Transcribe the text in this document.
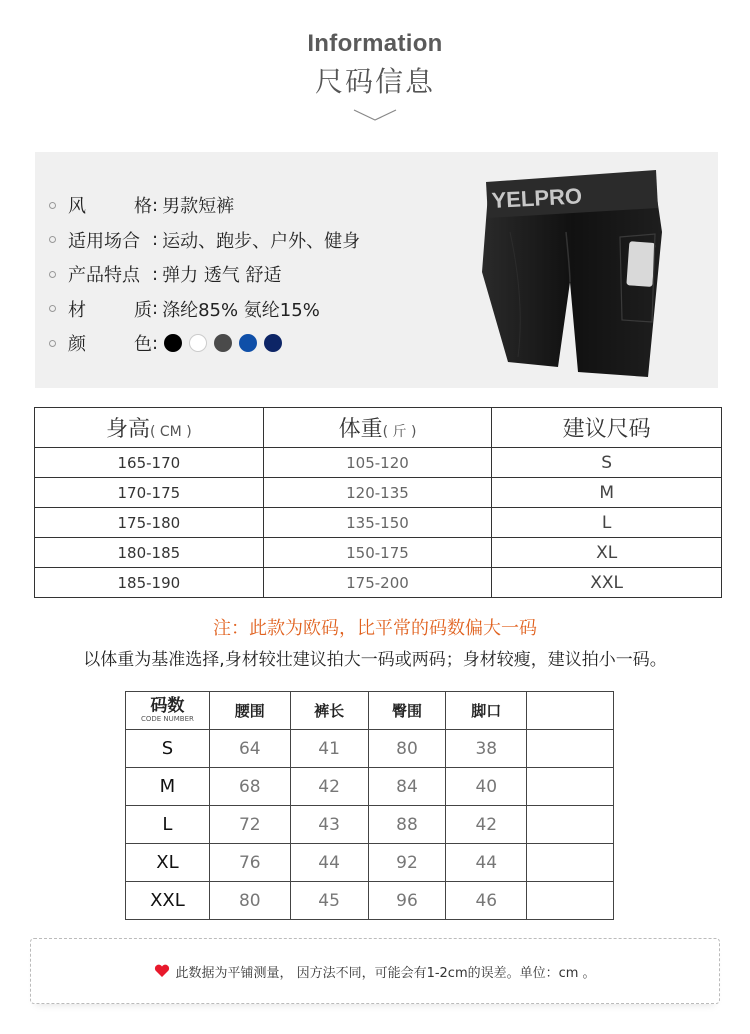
Information
尺码信息
风	格 : 男款短裤
适用场合 : 运动、跑步、户外、健身
产品特点 : 弹力 透气 舒适
材	质 : 涤纶85% 氨纶15%
颜	色 :
YELPRO
身高( CM )	体重( 斤 )	建议尺码
165-170	105-120	S
170-175	120-135	M
175-180	135-150	L
180-185	150-175	XL
185-190	175-200	XXL
注：此款为欧码，比平常的码数偏大一码
以体重为基准选择,身材较壮建议拍大一码或两码；身材较瘦，建议拍小一码。
码数
CODE NUMBER	腰围	裤长	臀围	脚口	
S	64	41	80	38	
M	68	42	84	40	
L	72	43	88	42	
XL	76	44	92	44	
XXL	80	45	96	46	
此数据为平铺测量， 因方法不同，可能会有1-2cm的误差。单位：cm 。
